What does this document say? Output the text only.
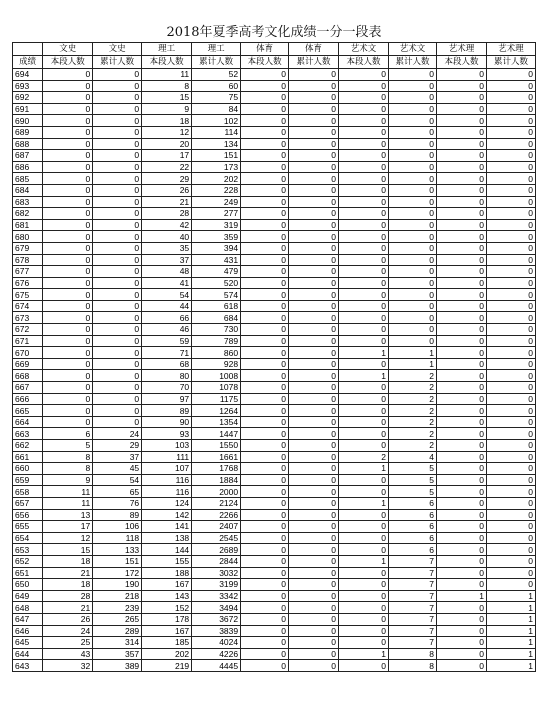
2018年夏季高考文化成绩一分一段表
	文史	文史	理工	理工	体育	体育	艺术文	艺术文	艺术理	艺术理
成绩	本段人数	累计人数	本段人数	累计人数	本段人数	累计人数	本段人数	累计人数	本段人数	累计人数
694	0	0	11	52	0	0	0	0	0	0
693	0	0	8	60	0	0	0	0	0	0
692	0	0	15	75	0	0	0	0	0	0
691	0	0	9	84	0	0	0	0	0	0
690	0	0	18	102	0	0	0	0	0	0
689	0	0	12	114	0	0	0	0	0	0
688	0	0	20	134	0	0	0	0	0	0
687	0	0	17	151	0	0	0	0	0	0
686	0	0	22	173	0	0	0	0	0	0
685	0	0	29	202	0	0	0	0	0	0
684	0	0	26	228	0	0	0	0	0	0
683	0	0	21	249	0	0	0	0	0	0
682	0	0	28	277	0	0	0	0	0	0
681	0	0	42	319	0	0	0	0	0	0
680	0	0	40	359	0	0	0	0	0	0
679	0	0	35	394	0	0	0	0	0	0
678	0	0	37	431	0	0	0	0	0	0
677	0	0	48	479	0	0	0	0	0	0
676	0	0	41	520	0	0	0	0	0	0
675	0	0	54	574	0	0	0	0	0	0
674	0	0	44	618	0	0	0	0	0	0
673	0	0	66	684	0	0	0	0	0	0
672	0	0	46	730	0	0	0	0	0	0
671	0	0	59	789	0	0	0	0	0	0
670	0	0	71	860	0	0	1	1	0	0
669	0	0	68	928	0	0	0	1	0	0
668	0	0	80	1008	0	0	1	2	0	0
667	0	0	70	1078	0	0	0	2	0	0
666	0	0	97	1175	0	0	0	2	0	0
665	0	0	89	1264	0	0	0	2	0	0
664	0	0	90	1354	0	0	0	2	0	0
663	6	24	93	1447	0	0	0	2	0	0
662	5	29	103	1550	0	0	0	2	0	0
661	8	37	111	1661	0	0	2	4	0	0
660	8	45	107	1768	0	0	1	5	0	0
659	9	54	116	1884	0	0	0	5	0	0
658	11	65	116	2000	0	0	0	5	0	0
657	11	76	124	2124	0	0	1	6	0	0
656	13	89	142	2266	0	0	0	6	0	0
655	17	106	141	2407	0	0	0	6	0	0
654	12	118	138	2545	0	0	0	6	0	0
653	15	133	144	2689	0	0	0	6	0	0
652	18	151	155	2844	0	0	1	7	0	0
651	21	172	188	3032	0	0	0	7	0	0
650	18	190	167	3199	0	0	0	7	0	0
649	28	218	143	3342	0	0	0	7	1	1
648	21	239	152	3494	0	0	0	7	0	1
647	26	265	178	3672	0	0	0	7	0	1
646	24	289	167	3839	0	0	0	7	0	1
645	25	314	185	4024	0	0	0	7	0	1
644	43	357	202	4226	0	0	1	8	0	1
643	32	389	219	4445	0	0	0	8	0	1
